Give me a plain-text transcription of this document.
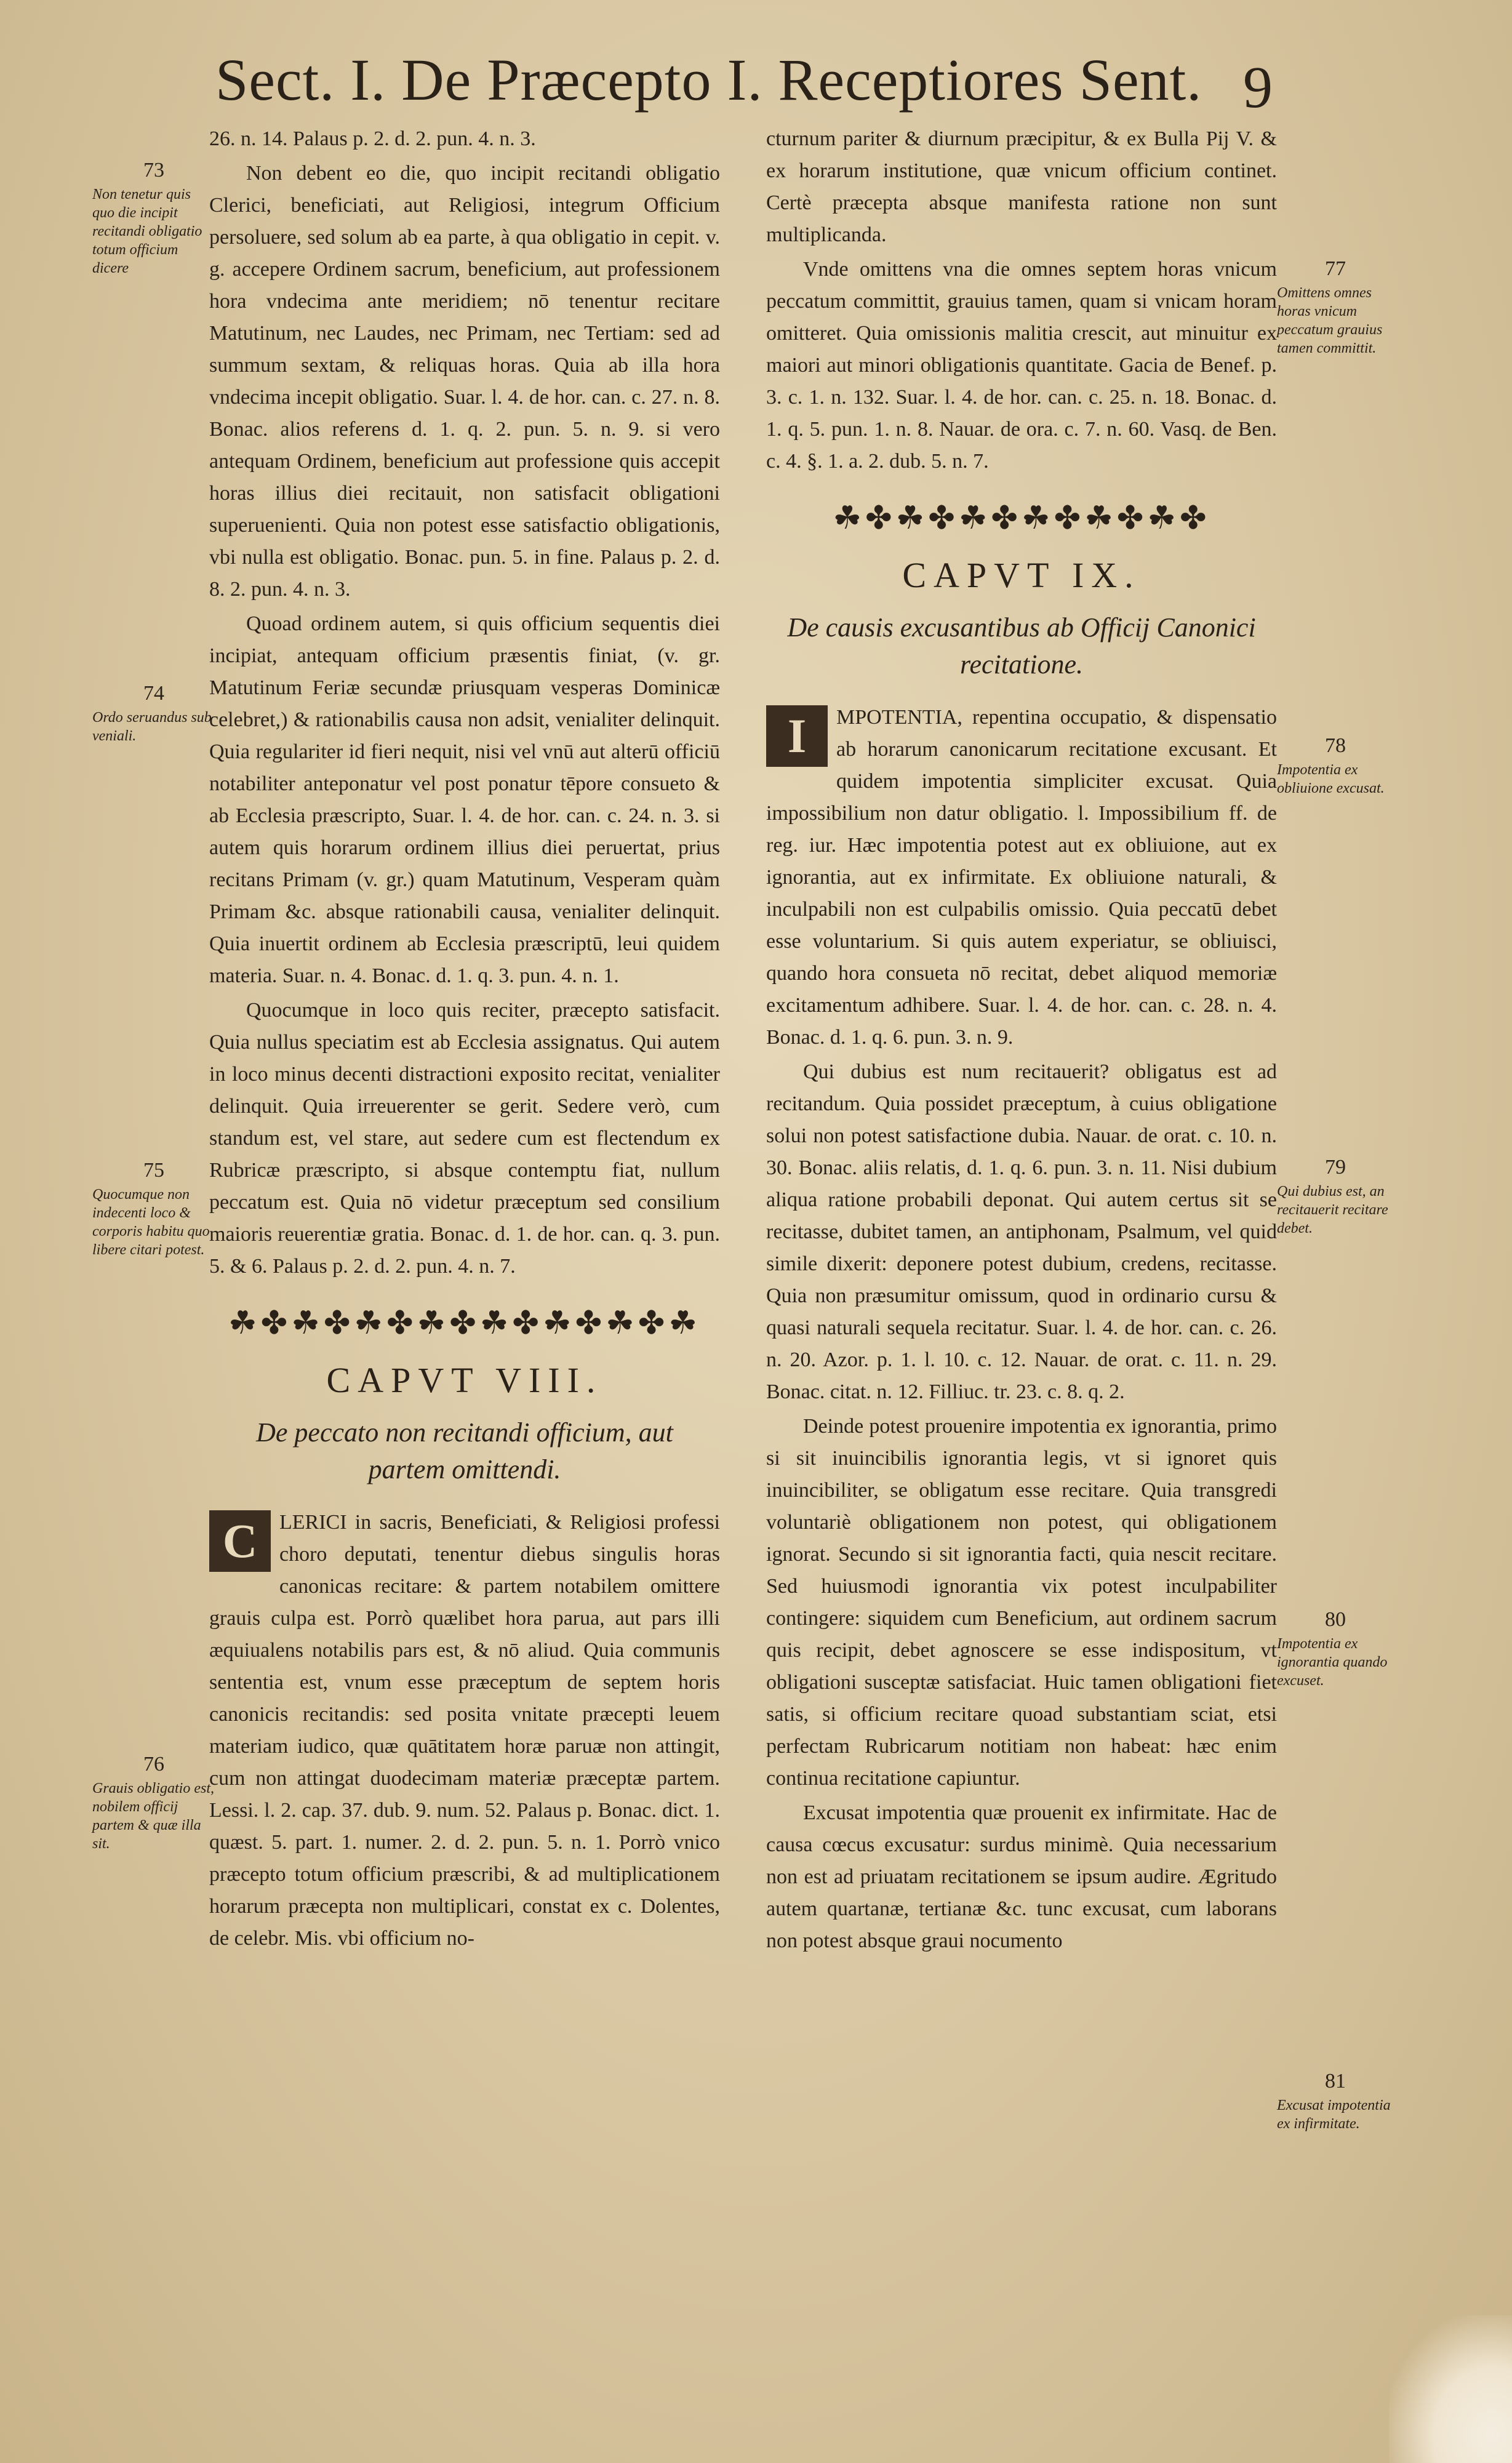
Sect. I. De Præcepto I. Receptiores Sent. 9

26. n. 14. Palaus p. 2. d. 2. pun. 4. n. 3.

Non debent eo die, quo incipit recitandi obligatio Clerici, beneficiati, aut Religiosi, integrum Officium persoluere, sed solum ab ea parte, à qua obligatio in cepit. v. g. accepere Ordinem sacrum, beneficium, aut professionem hora vndecima ante meridiem; nō tenentur recitare Matutinum, nec Laudes, nec Primam, nec Tertiam: sed ad summum sextam, & reliquas horas. Quia ab illa hora vndecima incepit obligatio. Suar. l. 4. de hor. can. c. 27. n. 8. Bonac. alios referens d. 1. q. 2. pun. 5. n. 9. si vero antequam Ordinem, beneficium aut professione quis accepit horas illius diei recitauit, non satisfacit obligationi superuenienti. Quia non potest esse satisfactio obligationis, vbi nulla est obligatio. Bonac. pun. 5. in fine. Palaus p. 2. d. 8. 2. pun. 4. n. 3.

Quoad ordinem autem, si quis officium sequentis diei incipiat, antequam officium præsentis finiat, (v. gr. Matutinum Feriæ secundæ priusquam vesperas Dominicæ celebret,) & rationabilis causa non adsit, venialiter delinquit. Quia regulariter id fieri nequit, nisi vel vnū aut alterū officiū notabiliter anteponatur vel post ponatur tēpore consueto & ab Ecclesia præscripto, Suar. l. 4. de hor. can. c. 24. n. 3. si autem quis horarum ordinem illius diei peruertat, prius recitans Primam (v. gr.) quam Matutinum, Vesperam quàm Primam &c. absque rationabili causa, venialiter delinquit. Quia inuertit ordinem ab Ecclesia præscriptū, leui quidem materia. Suar. n. 4. Bonac. d. 1. q. 3. pun. 4. n. 1.

Quocumque in loco quis reciter, præcepto satisfacit. Quia nullus speciatim est ab Ecclesia assignatus. Qui autem in loco minus decenti distractioni exposito recitat, venialiter delinquit. Quia irreuerenter se gerit. Sedere verò, cum standum est, vel stare, aut sedere cum est flectendum ex Rubricæ præscripto, si absque contemptu fiat, nullum peccatum est. Quia nō videtur præceptum sed consilium maioris reuerentiæ gratia. Bonac. d. 1. de hor. can. q. 3. pun. 5. & 6. Palaus p. 2. d. 2. pun. 4. n. 7.

☘✤☘✤☘✤☘✤☘✤☘✤☘✤☘
CAPVT VIII.
De peccato non recitandi officium, aut partem omittendi.

C	LERICI in sacris, Beneficiati, & Religiosi professi choro deputati, tenentur diebus singulis horas canonicas recitare: & partem notabilem omittere grauis culpa est. Porrò quælibet hora parua, aut pars illi æquiualens notabilis pars est, & nō aliud. Quia communis sententia est, vnum esse præceptum de septem horis canonicis recitandis: sed posita vnitate præcepti leuem materiam iudico, quæ quātitatem horæ paruæ non attingit, cum non attingat duodecimam materiæ præceptæ partem. Lessi. l. 2. cap. 37. dub. 9. num. 52. Palaus p. Bonac. dict. 1. quæst. 5. part. 1. numer. 2. d. 2. pun. 5. n. 1. Porrò vnico præcepto totum officium præscribi, & ad multiplicationem horarum præcepta non multiplicari, constat ex c. Dolentes, de celebr. Mis. vbi officium no-

cturnum pariter & diurnum præcipitur, & ex Bulla Pij V. & ex horarum institutione, quæ vnicum officium continet. Certè præcepta absque manifesta ratione non sunt multiplicanda.

Vnde omittens vna die omnes septem horas vnicum peccatum committit, grauius tamen, quam si vnicam horam omitteret. Quia omissionis malitia crescit, aut minuitur ex maiori aut minori obligationis quantitate. Gacia de Benef. p. 3. c. 1. n. 132. Suar. l. 4. de hor. can. c. 25. n. 18. Bonac. d. 1. q. 5. pun. 1. n. 8. Nauar. de ora. c. 7. n. 60. Vasq. de Ben. c. 4. §. 1. a. 2. dub. 5. n. 7.

☘✤☘✤☘✤☘✤☘✤☘✤
CAPVT IX.
De causis excusantibus ab Officij Canonici recitatione.

I	MPOTENTIA, repentina occupatio, & dispensatio ab horarum canonicarum recitatione excusant. Et quidem impotentia simpliciter excusat. Quia impossibilium non datur obligatio. l. Impossibilium ff. de reg. iur. Hæc impotentia potest aut ex obliuione, aut ex ignorantia, aut ex infirmitate. Ex obliuione naturali, & inculpabili non est culpabilis omissio. Quia peccatū debet esse voluntarium. Si quis autem experiatur, se obliuisci, quando hora consueta nō recitat, debet aliquod memoriæ excitamentum adhibere. Suar. l. 4. de hor. can. c. 28. n. 4. Bonac. d. 1. q. 6. pun. 3. n. 9.

Qui dubius est num recitauerit? obligatus est ad recitandum. Quia possidet præceptum, à cuius obligatione solui non potest satisfactione dubia. Nauar. de orat. c. 10. n. 30. Bonac. aliis relatis, d. 1. q. 6. pun. 3. n. 11. Nisi dubium aliqua ratione probabili deponat. Qui autem certus sit se recitasse, dubitet tamen, an antiphonam, Psalmum, vel quid simile dixerit: deponere potest dubium, credens, recitasse. Quia non præsumitur omissum, quod in ordinario cursu & quasi naturali sequela recitatur. Suar. l. 4. de hor. can. c. 26. n. 20. Azor. p. 1. l. 10. c. 12. Nauar. de orat. c. 11. n. 29. Bonac. citat. n. 12. Filliuc. tr. 23. c. 8. q. 2.

Deinde potest prouenire impotentia ex ignorantia, primo si sit inuincibilis ignorantia legis, vt si ignoret quis inuincibiliter, se obligatum esse recitare. Quia transgredi voluntariè obligationem non potest, qui obligationem ignorat. Secundo si sit ignorantia facti, quia nescit recitare. Sed huiusmodi ignorantia vix potest inculpabiliter contingere: siquidem cum Beneficium, aut ordinem sacrum quis recipit, debet agnoscere se esse indispositum, vt obligationi susceptæ satisfaciat. Huic tamen obligationi fiet satis, si officium recitare quoad substantiam sciat, etsi perfectam Rubricarum notitiam non habeat: hæc enim continua recitatione capiuntur.

Excusat impotentia quæ prouenit ex infirmitate. Hac de causa cœcus excusatur: surdus minimè. Quia necessarium non est ad priuatam recitationem se ipsum audire. Ægritudo autem quartanæ, tertianæ &c. tunc excusat, cum laborans non potest absque graui nocumento

73
Non tenetur quis quo die incipit recitandi obligatio totum officium dicere
74
Ordo seruandus sub veniali.
75
Quocumque non indecenti loco & corporis habitu quo libere citari potest.
76
Grauis obligatio est, nobilem officij partem & quæ illa sit.
77
Omittens omnes horas vnicum peccatum grauius tamen committit.
78
Impotentia ex obliuione excusat.
79
Qui dubius est, an recitauerit recitare debet.
80
Impotentia ex ignorantia quando excuset.
81
Excusat impotentia ex infirmitate.
